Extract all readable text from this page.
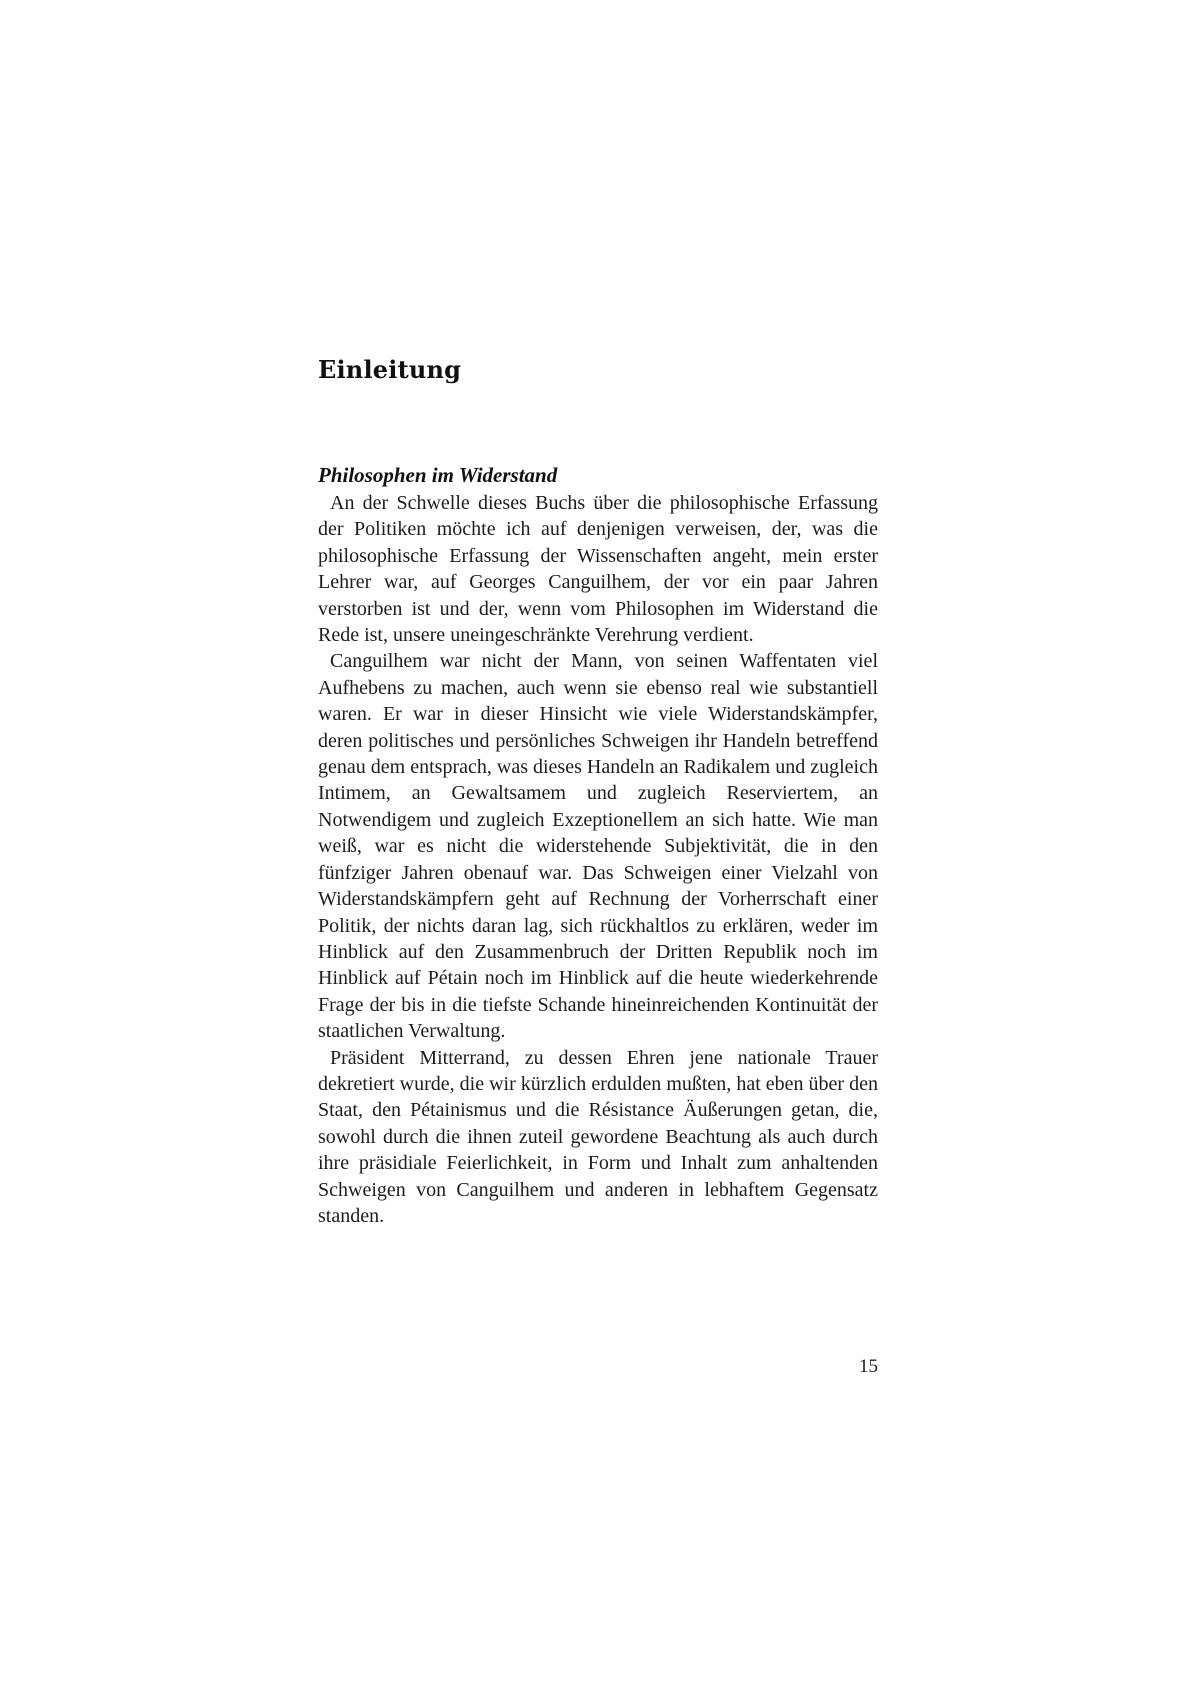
Einleitung
Philosophen im Widerstand

An der Schwelle dieses Buchs über die philosophische Erfassung der Politiken möchte ich auf denjenigen verweisen, der, was die philosophische Erfassung der Wissenschaften angeht, mein erster Lehrer war, auf Georges Canguilhem, der vor ein paar Jahren verstorben ist und der, wenn vom Philosophen im Widerstand die Rede ist, unsere uneingeschränkte Verehrung verdient.

Canguilhem war nicht der Mann, von seinen Waffentaten viel Aufhebens zu machen, auch wenn sie ebenso real wie substantiell waren. Er war in dieser Hinsicht wie viele Widerstandskämpfer, deren politisches und persönliches Schweigen ihr Handeln betreffend genau dem entsprach, was dieses Handeln an Radikalem und zugleich Intimem, an Gewaltsamem und zugleich Reserviertem, an Notwendigem und zugleich Exzeptionellem an sich hatte. Wie man weiß, war es nicht die widerstehende Subjektivität, die in den fünfziger Jahren obenauf war. Das Schweigen einer Vielzahl von Widerstandskämpfern geht auf Rechnung der Vorherrschaft einer Politik, der nichts daran lag, sich rückhaltlos zu erklären, weder im Hinblick auf den Zusammenbruch der Dritten Republik noch im Hinblick auf Pétain noch im Hinblick auf die heute wiederkehrende Frage der bis in die tiefste Schande hineinreichenden Kontinuität der staatlichen Verwaltung.

Präsident Mitterrand, zu dessen Ehren jene nationale Trauer dekretiert wurde, die wir kürzlich erdulden mußten, hat eben über den Staat, den Pétainismus und die Résistance Äußerungen getan, die, sowohl durch die ihnen zuteil gewordene Beachtung als auch durch ihre präsidiale Feierlichkeit, in Form und Inhalt zum anhaltenden Schweigen von Canguilhem und anderen in lebhaftem Gegensatz standen.

15
